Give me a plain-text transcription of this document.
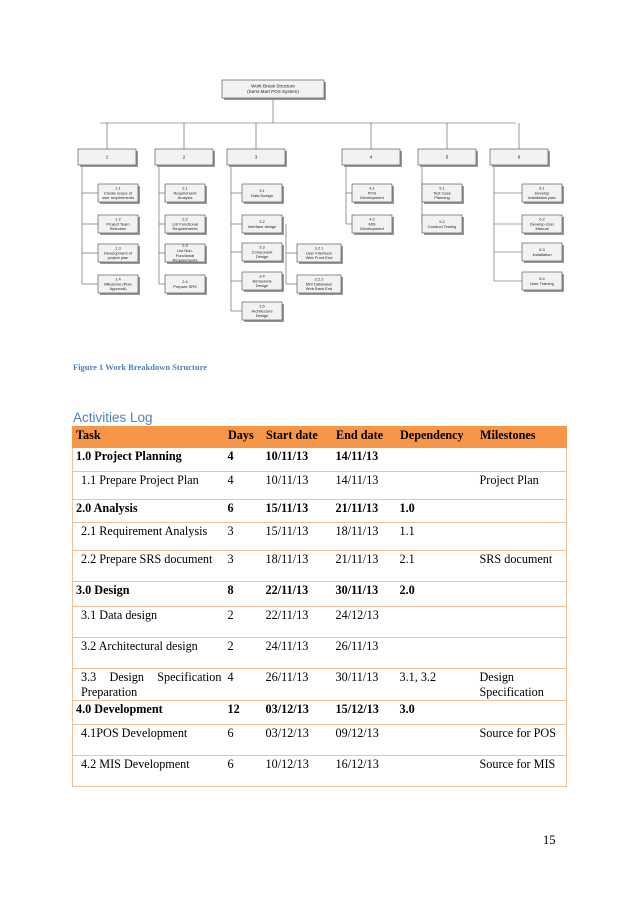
Work Break Structure
(Semi-Mart POS System)
1
1.1
Create scope of
user requirements
1.2
Project Team
Selection
1.3
Development of
project plan
1.4
Milestone (Plan
Approval)
2
2.1
Requirement
Analysis
2.2
List Functional
Requirements
2.3
List Non-
Functional
Requirements
2.4
Prepare SRS
3
3.1
Data Design
3.2
Interface design
3.3
Component
Design
3.4
Behavioral
Design
3.5
Architecture
Design
3.2.1
User Interface/
Web Front End
3.2.2
MIS Database/
Web Back End
4
4.1
POS
Development
4.2
MIS
Development
5
5.1
Test Case
Planning
5.2
Conduct Testing
6
6.1
Develop
installation plan
6.2
Develop User
Manual
6.3
Installation
6.4
User Training
Figure 1 Work Breakdown Structure
Activities Log
Task	Days	Start date	End date	Dependency	Milestones
1.0 Project Planning	4	10/11/13	14/11/13		
1.1 Prepare Project Plan	4	10/11/13	14/11/13		Project Plan
2.0 Analysis	6	15/11/13	21/11/13	1.0	
2.1 Requirement Analysis	3	15/11/13	18/11/13	1.1	
2.2 Prepare SRS document	3	18/11/13	21/11/13	2.1	SRS document
3.0 Design	8	22/11/13	30/11/13	2.0	
3.1 Data design	2	22/11/13	24/12/13		
3.2 Architectural design	2	24/11/13	26/11/13		
3.3 Design Specification Preparation	4	26/11/13	30/11/13	3.1, 3.2	Design Specification
4.0 Development	12	03/12/13	15/12/13	3.0	
4.1POS Development	6	03/12/13	09/12/13		Source for POS
4.2 MIS Development	6	10/12/13	16/12/13		Source for MIS
15
